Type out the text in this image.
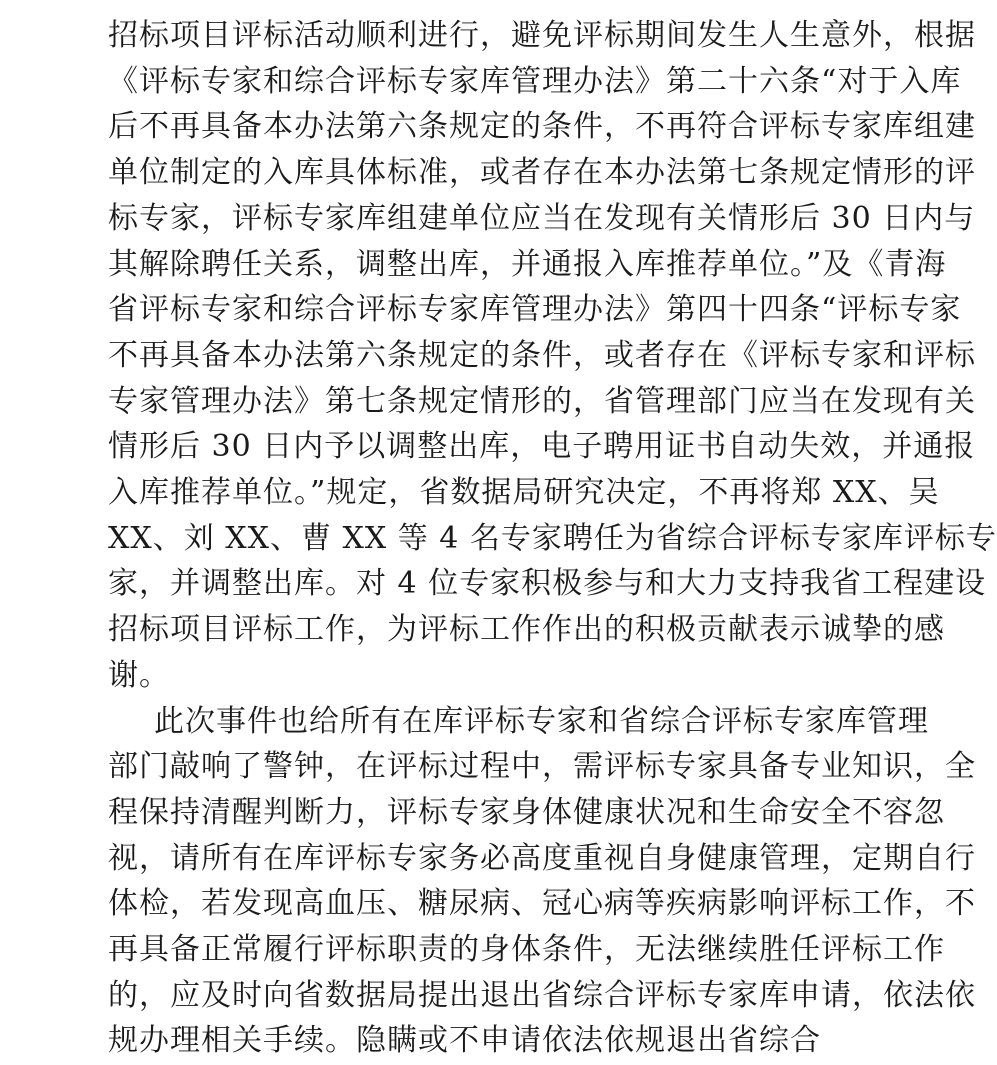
招标项目评标活动顺利进行，避免评标期间发生人生意外，根据
《评标专家和综合评标专家库管理办法》第二十六条“对于入库
后不再具备本办法第六条规定的条件，不再符合评标专家库组建
单位制定的入库具体标准，或者存在本办法第七条规定情形的评
标专家，评标专家库组建单位应当在发现有关情形后 30 日内与
其解除聘任关系，调整出库，并通报入库推荐单位。”及《青海
省评标专家和综合评标专家库管理办法》第四十四条“评标专家
不再具备本办法第六条规定的条件，或者存在《评标专家和评标
专家管理办法》第七条规定情形的，省管理部门应当在发现有关
情形后 30 日内予以调整出库，电子聘用证书自动失效，并通报
入库推荐单位。”规定，省数据局研究决定，不再将郑 XX、吴
XX、刘 XX、曹 XX 等 4 名专家聘任为省综合评标专家库评标专
家，并调整出库。对 4 位专家积极参与和大力支持我省工程建设
招标项目评标工作，为评标工作作出的积极贡献表示诚挚的感
谢。
此次事件也给所有在库评标专家和省综合评标专家库管理
部门敲响了警钟，在评标过程中，需评标专家具备专业知识，全
程保持清醒判断力，评标专家身体健康状况和生命安全不容忽
视，请所有在库评标专家务必高度重视自身健康管理，定期自行
体检，若发现高血压、糖尿病、冠心病等疾病影响评标工作，不
再具备正常履行评标职责的身体条件，无法继续胜任评标工作
规办理相关手续。隐瞒或不申请依法依规退出省综合
的，应及时向省数据局提出退出省综合评标专家库申请，依法依
